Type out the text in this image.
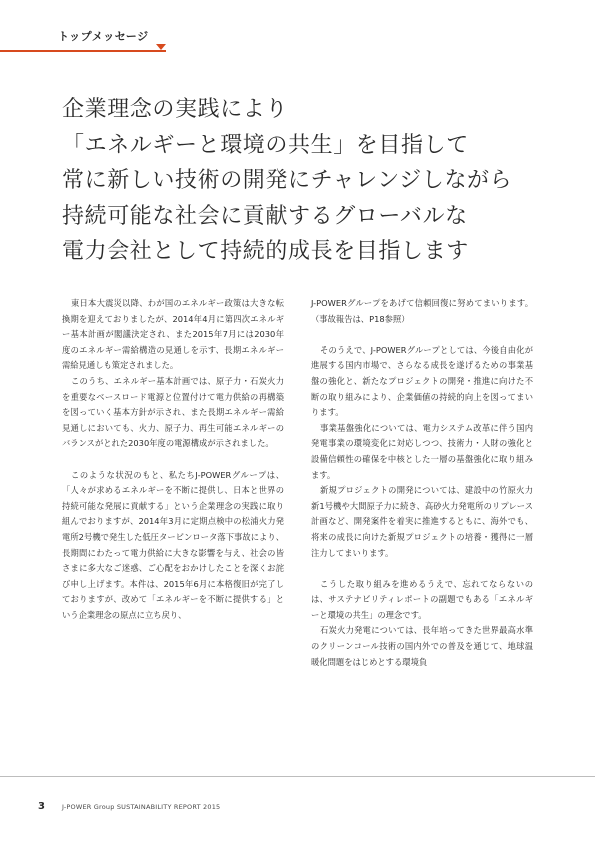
トップメッセージ
企業理念の実践により
「エネルギーと環境の共生」を目指して
常に新しい技術の開発にチャレンジしながら
持続可能な社会に貢献するグローバルな
電力会社として持続的成長を目指します

東日本大震災以降、わが国のエネルギー政策は大きな転換期を迎えておりましたが、2014年4月に第四次エネルギー基本計画が閣議決定され、また2015年7月には2030年度のエネルギー需給構造の見通しを示す、長期エネルギー需給見通しも策定されました。

このうち、エネルギー基本計画では、原子力・石炭火力を重要なベースロード電源と位置付けて電力供給の再構築を図っていく基本方針が示され、また長期エネルギー需給見通しにおいても、火力、原子力、再生可能エネルギーのバランスがとれた2030年度の電源構成が示されました。

このような状況のもと、私たちJ-POWERグループは、「人々が求めるエネルギーを不断に提供し、日本と世界の持続可能な発展に貢献する」という企業理念の実践に取り組んでおりますが、2014年3月に定期点検中の松浦火力発電所2号機で発生した低圧タービンロータ落下事故により、長期間にわたって電力供給に大きな影響を与え、社会の皆さまに多大なご迷惑、ご心配をおかけしたことを深くお詫び申し上げます。本件は、2015年6月に本格復旧が完了しておりますが、改めて「エネルギーを不断に提供する」という企業理念の原点に立ち戻り、

J-POWERグループをあげて信頼回復に努めてまいります。（事故報告は、P18参照）

そのうえで、J-POWERグループとしては、今後自由化が進展する国内市場で、さらなる成長を遂げるための事業基盤の強化と、新たなプロジェクトの開発・推進に向けた不断の取り組みにより、企業価値の持続的向上を図ってまいります。

事業基盤強化については、電力システム改革に伴う国内発電事業の環境変化に対応しつつ、技術力・人財の強化と設備信頼性の確保を中核とした一層の基盤強化に取り組みます。

新規プロジェクトの開発については、建設中の竹原火力新1号機や大間原子力に続き、高砂火力発電所のリプレース計画など、開発案件を着実に推進するともに、海外でも、将来の成長に向けた新規プロジェクトの培養・獲得に一層注力してまいります。

こうした取り組みを進めるうえで、忘れてならないのは、サステナビリティレポートの副題でもある「エネルギーと環境の共生」の理念です。

石炭火力発電については、長年培ってきた世界最高水準のクリーンコール技術の国内外での普及を通じて、地球温暖化問題をはじめとする環境負

3	J-POWER Group SUSTAINABILITY REPORT 2015
